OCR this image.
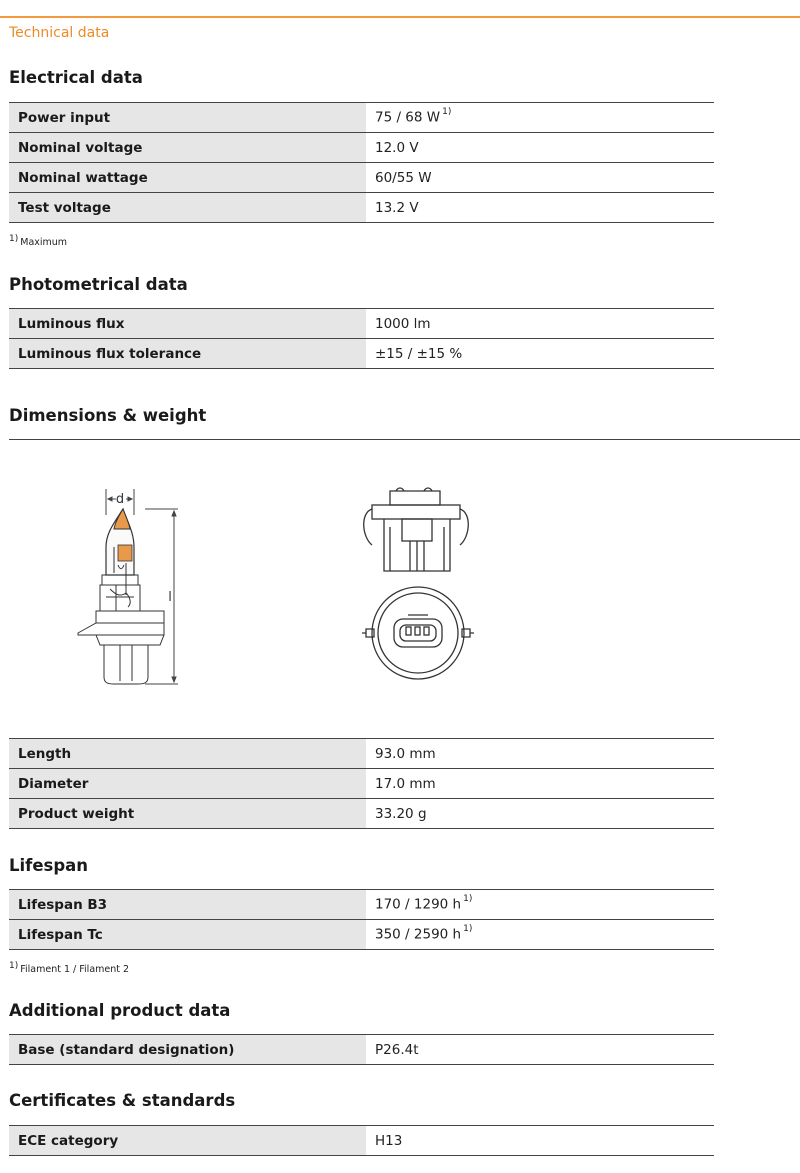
Technical data
Electrical data
Power input	75 / 68 W $^{1)}$
Nominal voltage	12.0 V
Nominal wattage	60/55 W
Test voltage	13.2 V
$^{1)}$ Maximum
Photometrical data
Luminous flux	1000 lm
Luminous flux tolerance	±15 / ±15 %
Dimensions & weight
d
l
Length	93.0 mm
Diameter	17.0 mm
Product weight	33.20 g
Lifespan
Lifespan B3	170 / 1290 h $^{1)}$
Lifespan Tc	350 / 2590 h $^{1)}$
$^{1)}$ Filament 1 / Filament 2
Additional product data
Base (standard designation)	P26.4t
Certificates & standards
ECE category	H13
